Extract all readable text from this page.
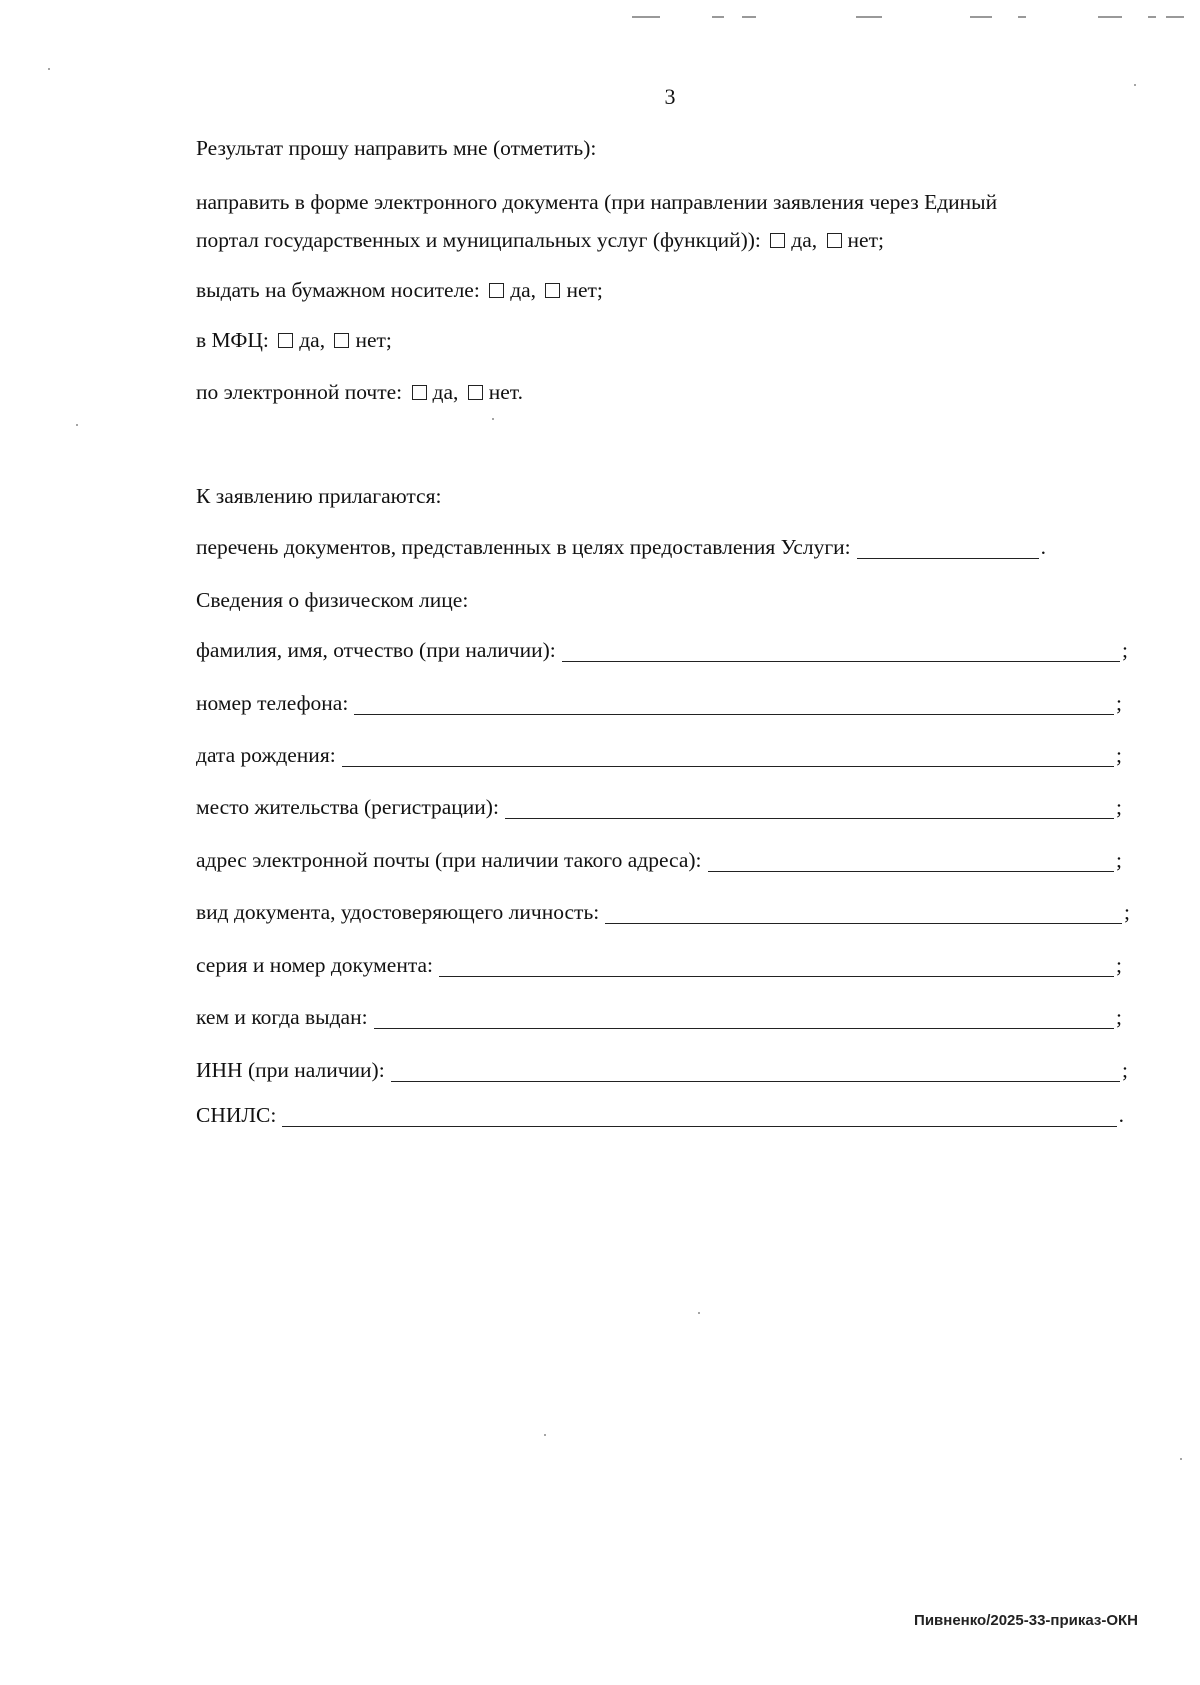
3
Результат прошу направить мне (отметить):
направить в форме электронного документа (при направлении заявления через Единый
портал государственных и муниципальных услуг (функций)): да, нет;
выдать на бумажном носителе: да, нет;
в МФЦ: да, нет;
по электронной почте: да, нет.
К заявлению прилагаются:
перечень документов, представленных в целях предоставления Услуги:	.
Сведения о физическом лице:
фамилия, имя, отчество (при наличии):	;
номер телефона:	;
дата рождения:	;
место жительства (регистрации):	;
адрес электронной почты (при наличии такого адреса):	;
вид документа, удостоверяющего личность:	;
серия и номер документа:	;
кем и когда выдан:	;
ИНН (при наличии):	;
СНИЛС:	.
Пивненко/2025-33-приказ-ОКН
